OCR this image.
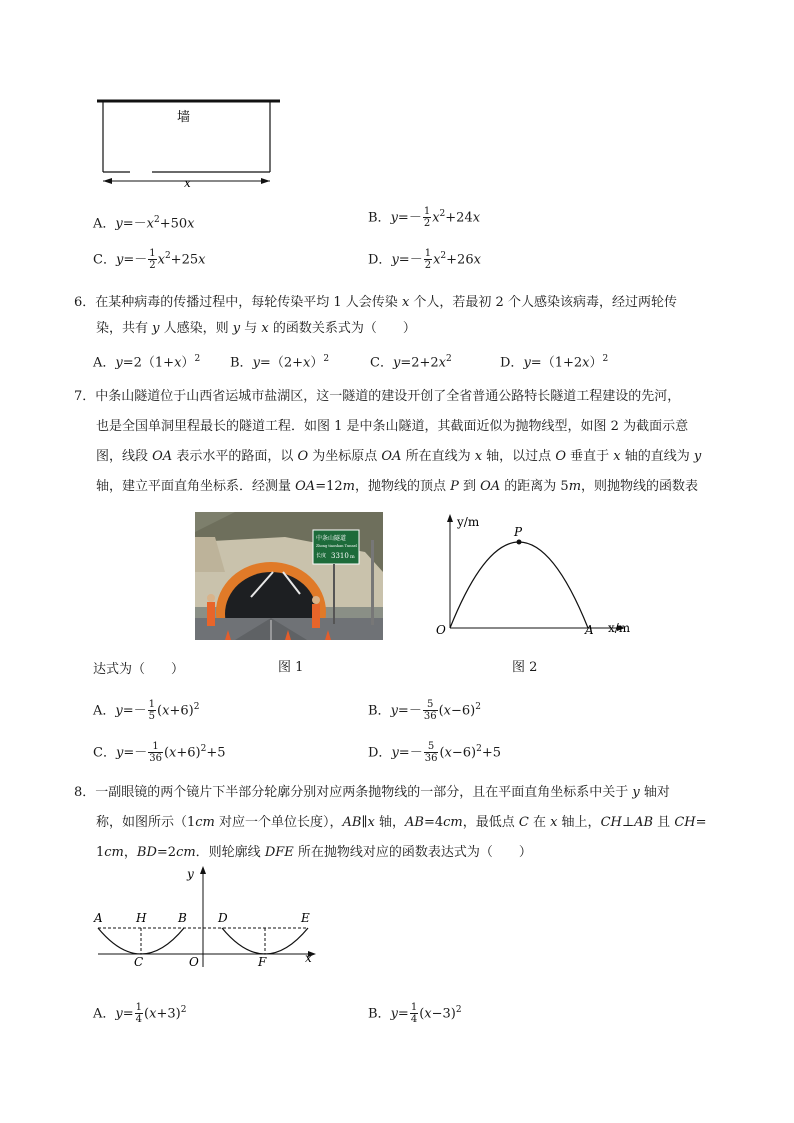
墙
x
A．$y=-x^2+50x$	B．$y=- \frac{1}{2} x^2+24x$
C．$y=- \frac{1}{2} x^2+25x$	D．$y=- \frac{1}{2} x^2+26x$
6．在某种病毒的传播过程中，每轮传染平均 1 人会传染 x 个人，若最初 2 个人感染该病毒，经过两轮传
染，共有 y 人感染，则 y 与 x 的函数关系式为（　　）
A．$y=2(1+x)^2$ B．$y=(2+x)^2$	C．$y=2+2x^2$	D．$y=(1+2x)^2$
7．中条山隧道位于山西省运城市盐湖区，这一隧道的建设开创了全省普通公路特长隧道工程建设的先河，
也是全国单洞里程最长的隧道工程．如图 1 是中条山隧道，其截面近似为抛物线型，如图 2 为截面示意
图，线段 OA 表示水平的路面，以 O 为坐标原点 OA 所在直线为 x 轴，以过点 O 垂直于 x 轴的直线为 y
轴，建立平面直角坐标系．经测量 OA=12m，抛物线的顶点 P 到 OA 的距离为 5m，则抛物线的函数表
中条山隧道
Zhong tiaoshan Tunnel
长度 3310 m
y/m
x/m
O
P
A
达式为（　　）	图 1	图 2
A．$y=- \frac{1}{5} (x+6)^2$	B．$y=- \frac{5}{36} (x-6)^2$
C．$y=- \frac{1}{36} (x+6)^2+5$	D．$y=- \frac{5}{36} (x-6)^2+5$
8．一副眼镜的两个镜片下半部分轮廓分别对应两条抛物线的一部分，且在平面直角坐标系中关于 y 轴对
称，如图所示（1cm 对应一个单位长度），AB∥x 轴，AB=4cm，最低点 C 在 x 轴上，CH⊥AB 且 CH=
1cm，BD=2cm．则轮廓线 DFE 所在抛物线对应的函数表达式为（　　）
A	H	B	D	E
C	O	F	x
y
A．$y= \frac{1}{4} (x+3)^2$	B．$y= \frac{1}{4} (x-3)^2$
